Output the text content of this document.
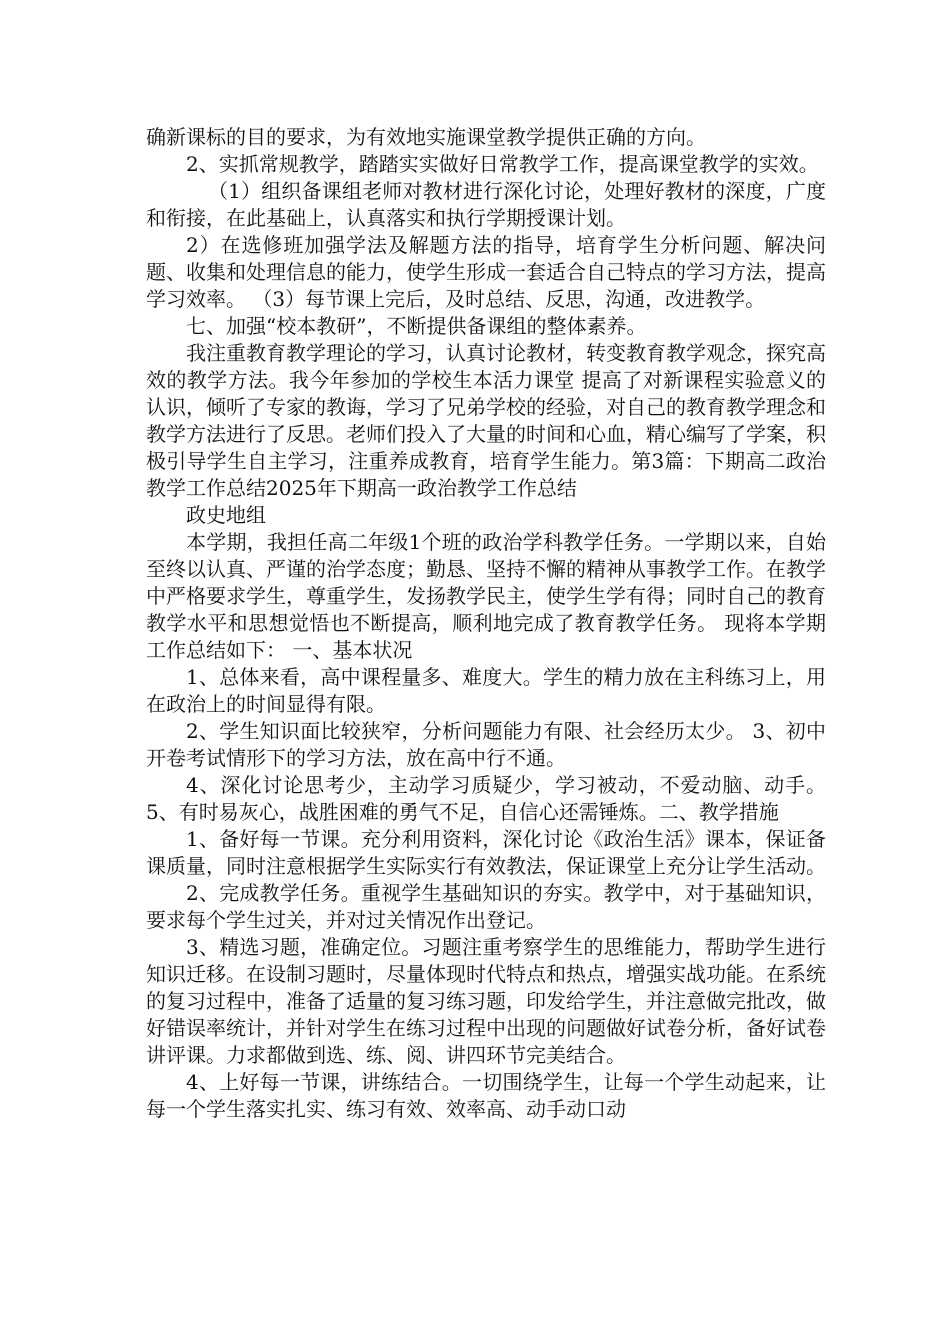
确新课标的目的要求，为有效地实施课堂教学提供正确的方向。

2、实抓常规教学，踏踏实实做好日常教学工作，提高课堂教学的实效。

（1）组织备课组老师对教材进行深化讨论，处理好教材的深度，广度和衔接，在此基础上，认真落实和执行学期授课计划。

2）在选修班加强学法及解题方法的指导，培育学生分析问题、解决问题、收集和处理信息的能力，使学生形成一套适合自己特点的学习方法，提高学习效率。 （3）每节课上完后，及时总结、反思，沟通，改进教学。

七、加强“校本教研”，不断提供备课组的整体素养。

我注重教育教学理论的学习，认真讨论教材，转变教育教学观念，探究高效的教学方法。我今年参加的学校生本活力课堂 提高了对新课程实验意义的认识，倾听了专家的教诲，学习了兄弟学校的经验，对自己的教育教学理念和教学方法进行了反思。老师们投入了大量的时间和心血，精心编写了学案，积极引导学生自主学习，注重养成教育，培育学生能力。第3篇：下期高二政治教学工作总结2025年下期高一政治教学工作总结

政史地组

本学期，我担任高二年级1个班的政治学科教学任务。一学期以来，自始至终以认真、严谨的治学态度；勤恳、坚持不懈的精神从事教学工作。在教学中严格要求学生，尊重学生，发扬教学民主，使学生学有得；同时自己的教育教学水平和思想觉悟也不断提高，顺利地完成了教育教学任务。 现将本学期工作总结如下： 一、基本状况

1、总体来看，高中课程量多、难度大。学生的精力放在主科练习上，用在政治上的时间显得有限。

2、学生知识面比较狭窄，分析问题能力有限、社会经历太少。 3、初中开卷考试情形下的学习方法，放在高中行不通。

4、深化讨论思考少，主动学习质疑少，学习被动，不爱动脑、动手。 5、有时易灰心，战胜困难的勇气不足，自信心还需锤炼。二、教学措施

1、备好每一节课。充分利用资料，深化讨论《政治生活》课本，保证备课质量，同时注意根据学生实际实行有效教法，保证课堂上充分让学生活动。

2、完成教学任务。重视学生基础知识的夯实。教学中，对于基础知识，要求每个学生过关，并对过关情况作出登记。

3、精选习题，准确定位。习题注重考察学生的思维能力，帮助学生进行知识迁移。在设制习题时，尽量体现时代特点和热点，增强实战功能。在系统的复习过程中，准备了适量的复习练习题，印发给学生，并注意做完批改，做好错误率统计，并针对学生在练习过程中出现的问题做好试卷分析，备好试卷讲评课。力求都做到选、练、阅、讲四环节完美结合。

4、上好每一节课，讲练结合。一切围绕学生，让每一个学生动起来，让每一个学生落实扎实、练习有效、效率高、动手动口动
